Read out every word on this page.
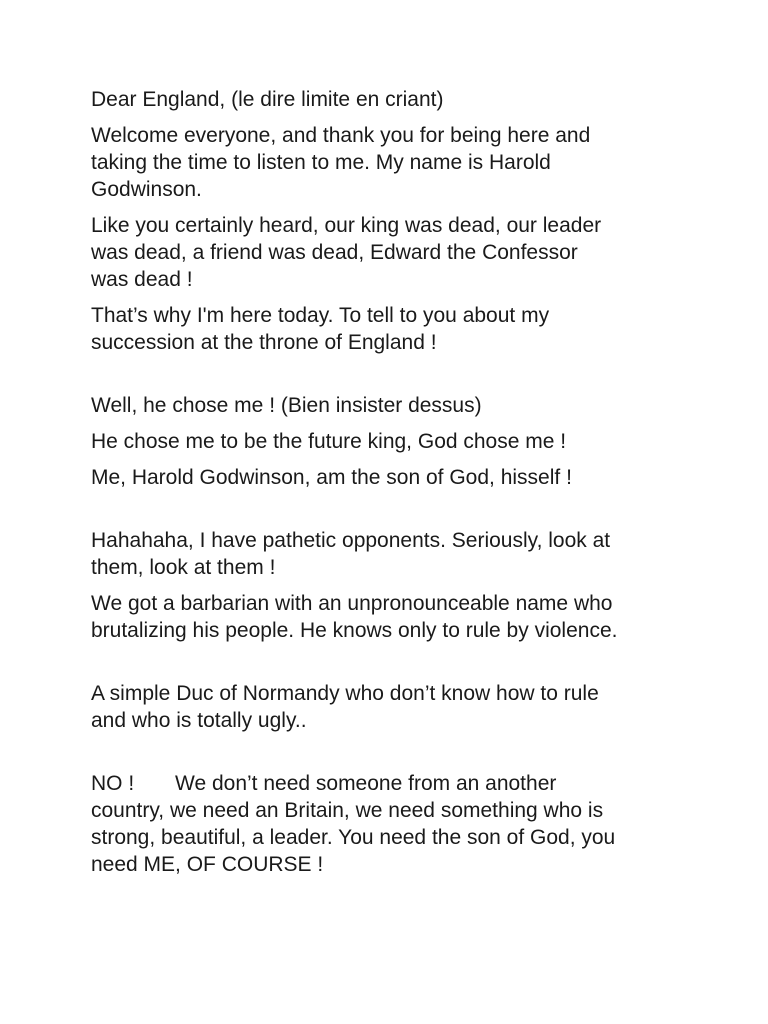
Dear England, (le dire limite en criant)

Welcome everyone, and thank you for being here and
taking the time to listen to me. My name is Harold
Godwinson.

Like you certainly heard, our king was dead, our leader
was dead, a friend was dead, Edward the Confessor
was dead !

That’s why I'm here today. To tell to you about my
succession at the throne of England !

Well, he chose me ! (Bien insister dessus)

He chose me to be the future king, God chose me !

Me, Harold Godwinson, am the son of God, hisself !

Hahahaha, I have pathetic opponents. Seriously, look at
them, look at them !

We got a barbarian with an unpronounceable name who
brutalizing his people. He knows only to rule by violence.

A simple Duc of Normandy who don’t know how to rule
and who is totally ugly..

NO !       We don’t need someone from an another
country, we need an Britain, we need something who is
strong, beautiful, a leader. You need the son of God, you
need ME, OF COURSE !
